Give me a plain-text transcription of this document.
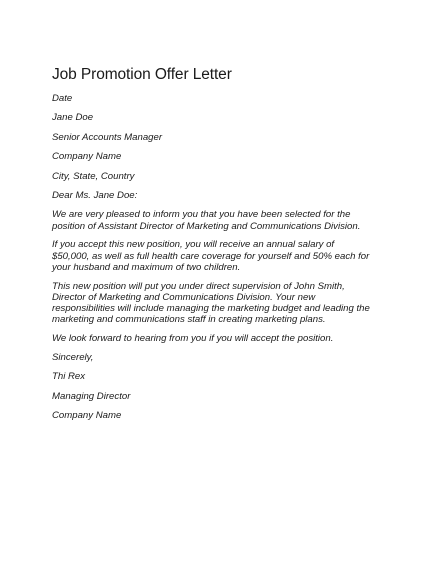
Job Promotion Offer Letter
Date
Jane Doe
Senior Accounts Manager
Company Name
City, State, Country
Dear Ms. Jane Doe:
We are very pleased to inform you that you have been selected for the
position of Assistant Director of Marketing and Communications Division.
If you accept this new position, you will receive an annual salary of
$50,000, as well as full health care coverage for yourself and 50% each for
your husband and maximum of two children.
This new position will put you under direct supervision of John Smith,
Director of Marketing and Communications Division. Your new
responsibilities will include managing the marketing budget and leading the
marketing and communications staff in creating marketing plans.
We look forward to hearing from you if you will accept the position.
Sincerely,
Thi Rex
Managing Director
Company Name
